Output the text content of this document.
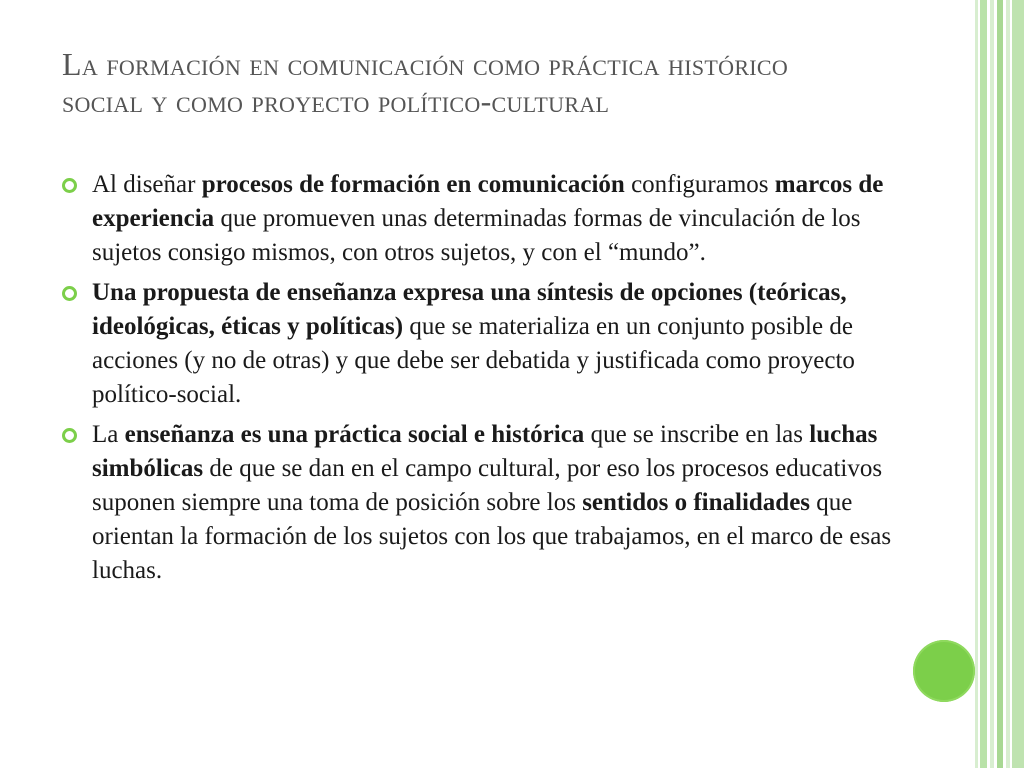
La formación en comunicación como práctica histórico social y como proyecto político-cultural
Al diseñar procesos de formación en comunicación configuramos marcos de experiencia que promueven unas determinadas formas de vinculación de los sujetos consigo mismos, con otros sujetos, y con el “mundo”.
Una propuesta de enseñanza expresa una síntesis de opciones (teóricas, ideológicas, éticas y políticas) que se materializa en un conjunto posible de acciones (y no de otras) y que debe ser debatida y justificada como proyecto político-social.
La enseñanza es una práctica social e histórica que se inscribe en las luchas simbólicas de que se dan en el campo cultural, por eso los procesos educativos suponen siempre una toma de posición sobre los sentidos o finalidades que orientan la formación de los sujetos con los que trabajamos, en el marco de esas luchas.
